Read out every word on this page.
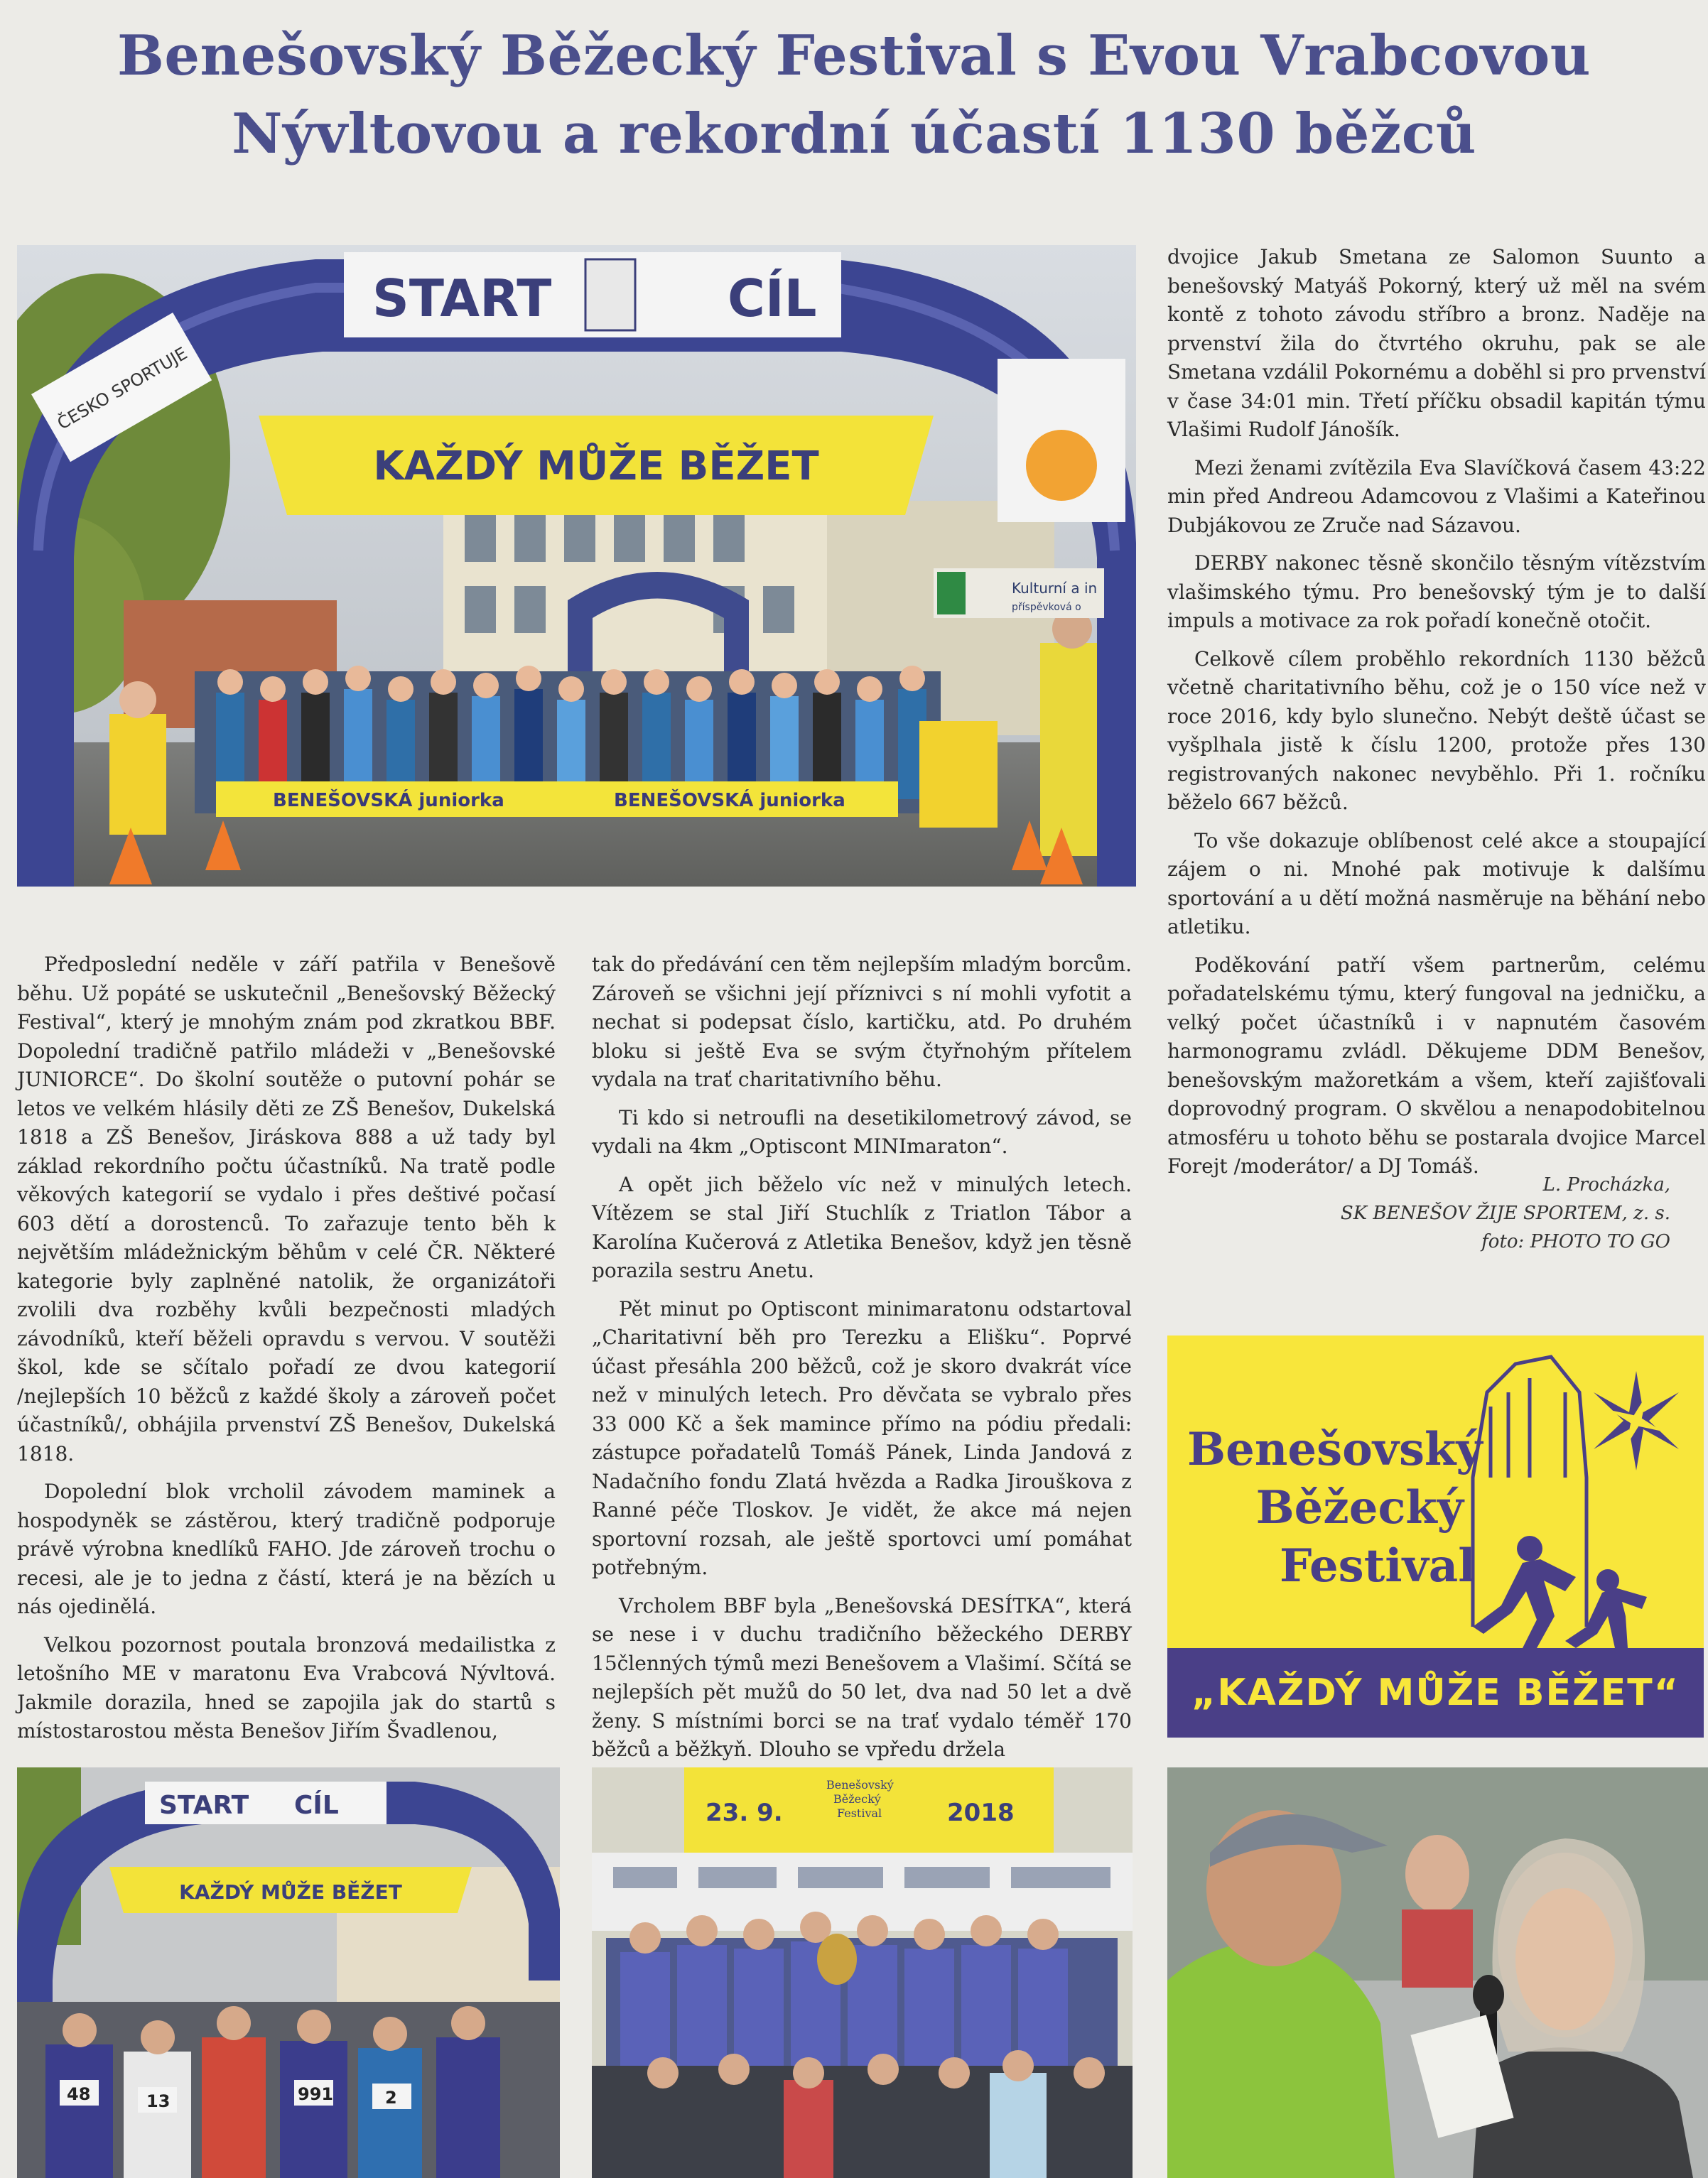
Benešovský Běžecký Festival s Evou Vrabcovou
Nývltovou a rekordní účastí 1130 běžců
BENEŠOVSKÁ juniorka	BENEŠOVSKÁ juniorka
START	CÍL
ČESKO SPORTUJE
KAŽDÝ MŮŽE BĚŽET
Kulturní a in
příspěvková o

Předposlední neděle v září patřila v Benešově běhu. Už popáté se uskutečnil „Benešovský Běžecký Festival“, který je mnohým znám pod zkratkou BBF. Dopolední tradičně patřilo mládeži v „Benešovské JUNIORCE“. Do školní soutěže o putovní pohár se letos ve velkém hlásily děti ze ZŠ Benešov, Dukelská 1818 a ZŠ Benešov, Jiráskova 888 a už tady byl základ rekordního počtu účastníků. Na tratě podle věkových kategorií se vydalo i přes deštivé počasí 603 dětí a dorostenců. To zařazuje tento běh k největším mládežnickým běhům v celé ČR. Některé kategorie byly zaplněné natolik, že organizátoři zvolili dva rozběhy kvůli bezpečnosti mladých závodníků, kteří běželi opravdu s vervou. V soutěži škol, kde se sčítalo pořadí ze dvou kategorií /nejlepších 10 běžců z každé školy a zároveň počet účastníků/, obhájila prvenství ZŠ Benešov, Dukelská 1818.

Dopolední blok vrcholil závodem maminek a hospodyněk se zástěrou, který tradičně podporuje právě výrobna knedlíků FAHO. Jde zároveň trochu o recesi, ale je to jedna z částí, která je na bězích u nás ojedinělá.

Velkou pozornost poutala bronzová medailistka z letošního ME v maratonu Eva Vrabcová Nývltová. Jakmile dorazila, hned se zapojila jak do startů s místostarostou města Benešov Jiřím Švadlenou,

tak do předávání cen těm nejlepším mladým borcům. Zároveň se všichni její příznivci s ní mohli vyfotit a nechat si podepsat číslo, kartičku, atd. Po druhém bloku si ještě Eva se svým čtyřnohým přítelem vydala na trať charitativního běhu.

Ti kdo si netroufli na desetikilometrový závod, se vydali na 4km „Optiscont MINImaraton“.

A opět jich běželo víc než v minulých letech. Vítězem se stal Jiří Stuchlík z Triatlon Tábor a Karolína Kučerová z Atletika Benešov, když jen těsně porazila sestru Anetu.

Pět minut po Optiscont minimaratonu odstartoval „Charitativní běh pro Terezku a Elišku“. Poprvé účast přesáhla 200 běžců, což je skoro dvakrát více než v minulých letech. Pro děvčata se vybralo přes 33 000 Kč a šek mamince přímo na pódiu předali: zástupce pořadatelů Tomáš Pánek, Linda Jandová z Nadačního fondu Zlatá hvězda a Radka Jirouškova z Ranné péče Tloskov. Je vidět, že akce má nejen sportovní rozsah, ale ještě sportovci umí pomáhat potřebným.

Vrcholem BBF byla „Benešovská DESÍTKA“, která se nese i v duchu tradičního běžeckého DERBY 15členných týmů mezi Benešovem a Vlašimí. Sčítá se nejlepších pět mužů do 50 let, dva nad 50 let a dvě ženy. S místními borci se na trať vydalo téměř 170 běžců a běžkyň. Dlouho se vpředu držela

dvojice Jakub Smetana ze Salomon Suunto a benešovský Matyáš Pokorný, který už měl na svém kontě z tohoto závodu stříbro a bronz. Naděje na prvenství žila do čtvrtého okruhu, pak se ale Smetana vzdálil Pokornému a doběhl si pro prvenství v čase 34:01 min. Třetí příčku obsadil kapitán týmu Vlašimi Rudolf Jánošík.

Mezi ženami zvítězila Eva Slavíčková časem 43:22 min před Andreou Adamcovou z Vlašimi a Kateřinou Dubjákovou ze Zruče nad Sázavou.

DERBY nakonec těsně skončilo těsným vítězstvím vlašimského týmu. Pro benešovský tým je to další impuls a motivace za rok pořadí konečně otočit.

Celkově cílem proběhlo rekordních 1130 běžců včetně charitativního běhu, což je o 150 více než v roce 2016, kdy bylo slunečno. Nebýt deště účast se vyšplhala jistě k číslu 1200, protože přes 130 registrovaných nakonec nevyběhlo. Při 1. ročníku běželo 667 běžců.

To vše dokazuje oblíbenost celé akce a stoupající zájem o ni. Mnohé pak motivuje k dalšímu sportování a u dětí možná nasměruje na běhání nebo atletiku.

Poděkování patří všem partnerům, celému pořadatelskému týmu, který fungoval na jedničku, a velký počet účastníků i v napnutém časovém harmonogramu zvládl. Děkujeme DDM Benešov, benešovským mažoretkám a všem, kteří zajišťovali doprovodný program. O skvělou a nenapodobitelnou atmosféru u tohoto běhu se postarala dvojice Marcel Forejt /moderátor/ a DJ Tomáš.

L. Procházka,
SK BENEŠOV ŽIJE SPORTEM, z. s.
foto: PHOTO TO GO
Benešovský
Běžecký
Festival
„KAŽDÝ MŮŽE BĚŽET“
START CÍL
KAŽDÝ MŮŽE BĚŽET
48	13	991	2
23. 9.
Benešovský
Běžecký
Festival	2018
